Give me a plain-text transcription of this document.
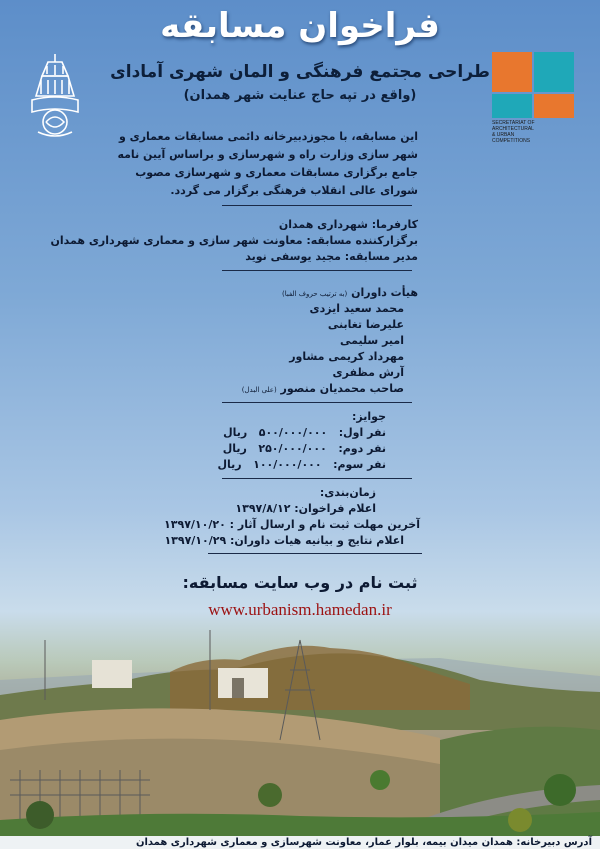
فراخوان مسابقه
SECRETARIAT OF
ARCHITECTURAL
& URBAN
COMPETITIONS
طراحی مجتمع فرهنگی و المان شهری آمادای
(واقع در تپه حاج عنایت شهر همدان)
این مسابقه، با مجوزدبیرخانه دائمی مسابقات معماری و
شهر سازی وزارت راه و شهرسازی و براساس آیین نامه
جامع برگزاری مسابقات معماری و شهرسازی مصوب
شورای عالی انقلاب فرهنگی برگزار می گردد.
کارفرما: شهرداری همدان
برگزارکننده مسابقه: معاونت شهر سازی و معماری شهرداری همدان
مدیر مسابقه: مجید یوسفی نوید
هیأت داوران (به ترتیب حروف الفبا)
محمد سعید ایزدی
علیرضا تغابنی
امیر سلیمی
مهرداد کریمی مشاور
آرش مظفری
صاحب محمدیان منصور (علی البدل)
جوایز:
نفر اول:   ۵۰۰/۰۰۰/۰۰۰   ریال
نفر دوم:   ۲۵۰/۰۰۰/۰۰۰   ریال
نفر سوم:   ۱۰۰/۰۰۰/۰۰۰   ریال
زمان‌بندی:
اعلام فراخوان: ۱۳۹۷/۸/۱۲
آخرین مهلت ثبت نام و ارسال آثار : ۱۳۹۷/۱۰/۲۰
اعلام نتایج و بیانیه هیات داوران: ۱۳۹۷/۱۰/۲۹
ثبت نام در وب سایت مسابقه:
www.urbanism.hamedan.ir
آدرس دبیرخانه: همدان میدان بیمه، بلوار عمار، معاونت شهرسازی و معماری شهرداری همدان
